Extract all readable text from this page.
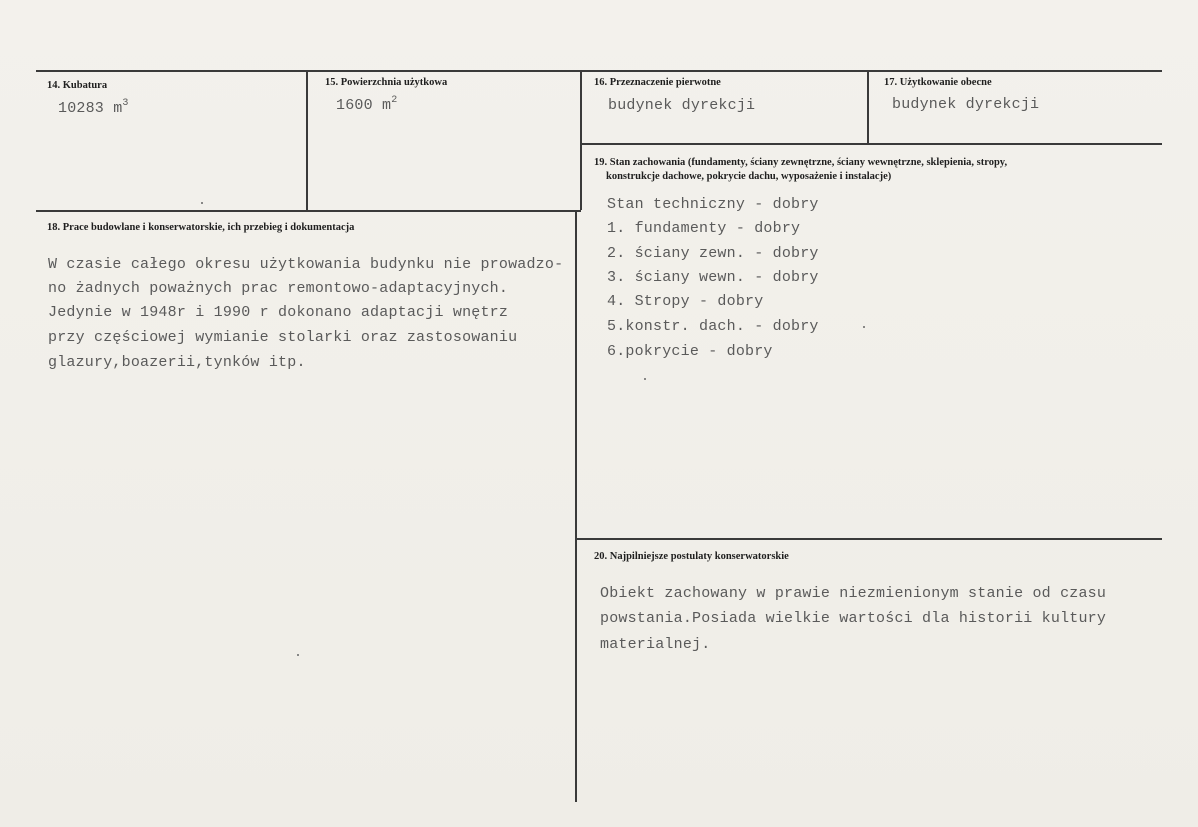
14. Kubatura
10283 $m^3$
15. Powierzchnia użytkowa
1600 $m^2$
16. Przeznaczenie pierwotne
budynek dyrekcji
17. Użytkowanie obecne
budynek dyrekcji
18. Prace budowlane i konserwatorskie, ich przebieg i dokumentacja
W czasie całego okresu użytkowania budynku nie prowadzo-
no żadnych poważnych prac remontowo-adaptacyjnych.
Jedynie w 1948r i 1990 r dokonano adaptacji wnętrz
przy częściowej wymianie stolarki oraz zastosowaniu
glazury,boazerii,tynków itp.
19. Stan zachowania (fundamenty, ściany zewnętrzne, ściany wewnętrzne, sklepienia, stropy,
konstrukcje dachowe, pokrycie dachu, wyposażenie i instalacje)
Stan techniczny - dobry
1. fundamenty - dobry
2. ściany zewn. - dobry
3. ściany wewn. - dobry
4. Stropy - dobry
5.konstr. dach. - dobry
6.pokrycie - dobry
20. Najpilniejsze postulaty konserwatorskie
Obiekt zachowany w prawie niezmienionym stanie od czasu
powstania.Posiada wielkie wartości dla historii kultury
materialnej.
